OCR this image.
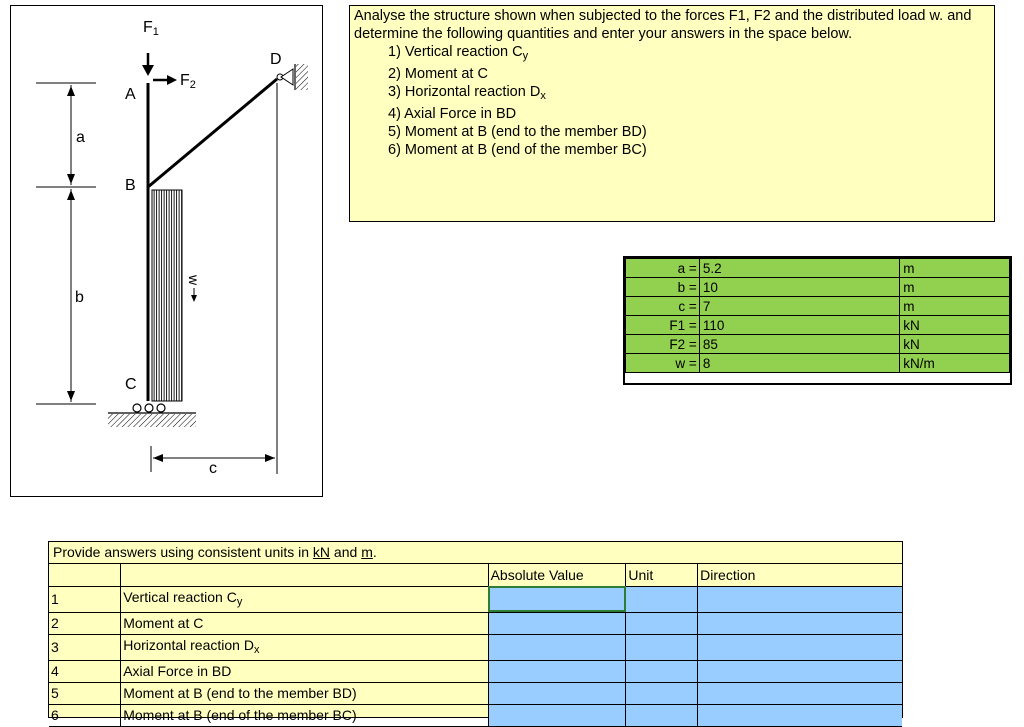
$F_1$
$F_2$
A
B
C
D
a
b
c
w
Analyse the structure shown when subjected to the forces F1, F2 and the distributed load w. and determine the following quantities and enter your answers in the space below.
1) Vertical reaction $C_y$
2) Moment at C
3) Horizontal reaction $D_x$
4) Axial Force in BD
5) Moment at B (end to the member BD)
6) Moment at B (end of the member BC)
a =	5.2	m
b =	10	m
c =	7	m
F1 =	110	kN
F2 =	85	kN
w =	8	kN/m
Provide answers using consistent units in kN and m.
		Absolute Value	Unit	Direction
1	Vertical reaction $C_y$			
2	Moment at C			
3	Horizontal reaction $D_x$			
4	Axial Force in BD			
5	Moment at B (end to the member BD)			
6	Moment at B (end of the member BC)			
